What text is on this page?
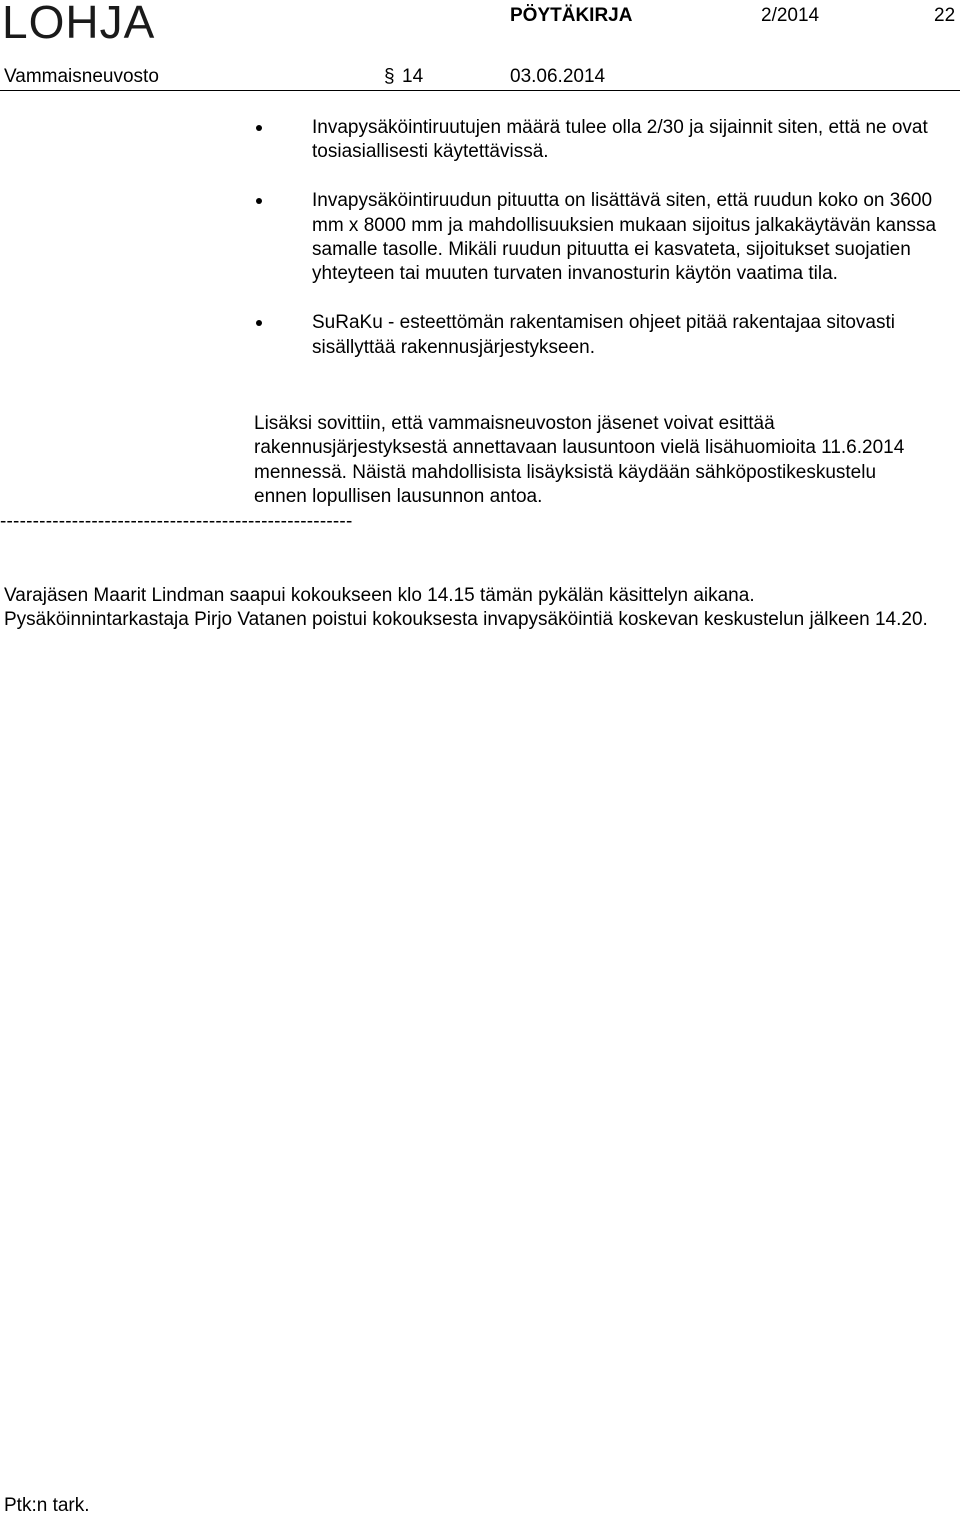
LOHJA	PÖYTÄKIRJA	2/2014	22
Vammaisneuvosto	§ 14	03.06.2014
Invapysäköintiruutujen määrä tulee olla 2/30 ja sijainnit siten, että ne ovat tosiasiallisesti käytettävissä.
Invapysäköintiruudun pituutta on lisättävä siten, että ruudun koko on 3600 mm x 8000 mm ja mahdollisuuksien mukaan sijoitus jalkakäytävän kanssa samalle tasolle. Mikäli ruudun pituutta ei kasvateta, sijoitukset suojatien yhteyteen tai muuten turvaten invanosturin käytön vaatima tila.
SuRaKu - esteettömän rakentamisen ohjeet pitää rakentajaa sitovasti sisällyttää rakennusjärjestykseen.

Lisäksi sovittiin, että vammaisneuvoston jäsenet voivat esittää rakennusjärjestyksestä annettavaan lausuntoon vielä lisähuomioita 11.6.2014 mennessä. Näistä mahdollisista lisäyksistä käydään sähköpostikeskustelu ennen lopullisen lausunnon antoa.

------------------------------------------------------
Varajäsen Maarit Lindman saapui kokoukseen klo 14.15 tämän pykälän käsittelyn aikana.
Pysäköinnintarkastaja Pirjo Vatanen poistui kokouksesta invapysäköintiä koskevan keskustelun jälkeen 14.20.
Ptk:n tark.
